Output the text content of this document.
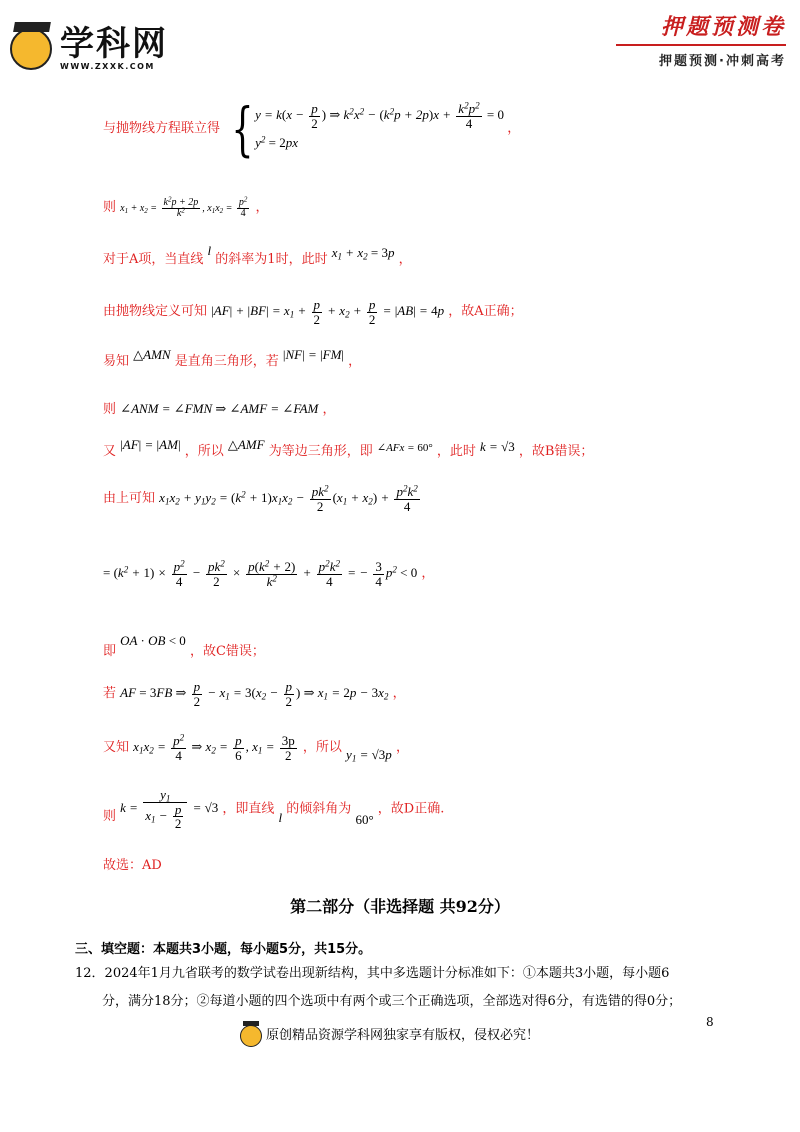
学科网
WWW.ZXXK.COM
押题预测卷
押题预测·冲刺高考
与抛物线方程联立得 { $y = k(x - \frac{p}{2}$ ) ⇒ $k^2x^2 - (k^2p + 2p)x + \frac{k^2p^2}{4} = 0$
$y^2 = 2px$
，
则 $x_1 + x_2 = \frac{k^2p + 2p}{k^2}$ , $x_1x_2 = \frac{p^2}{4}$ ，
对于A项，当直线 l 的斜率为1时，此时 $x_1 + x_2 = 3p$ ，
由抛物线定义可知 $|AF| + |BF| = x_1 + \frac{p}{2} + x_2 + \frac{p}{2} = |AB| = 4p$ ，故A正确；
易知 △AMN 是直角三角形，若 |NF| = |FM| ，
则 ∠ANM = ∠FMN ⇒ ∠AMF = ∠FAM ，
又 |AF| = |AM| ，所以 △AMF 为等边三角形，即 $^{\angle AFx = 60^\circ}$ ，此时 k = √3 ，故B错误；
由上可知 $x_1x_2 + y_1y_2 = (k^2 + 1)x_1x_2 - \frac{pk^2}{2} (x_1 + x_2) + \frac{p^2k^2}{4}$
= $(k^2 + 1) \times \frac{p^2}{4} - \frac{pk^2}{2} \times \frac{p(k^2 + 2)}{k^2} + \frac{p^2k^2}{4}$ = − $\frac{3}{4} p^2 < 0$ ，
即 OA · OB < 0 ，故C错误；
若 AF = 3FB ⇒ $\frac{p}{2} - x_1 = 3(x_2 - \frac{p}{2}$ ) ⇒ $x_1 = 2p - 3x_2$ ，
又知 $x_1x_2 = \frac{p^2}{4}$ ⇒ $x_2 = \frac{p}{6}$ , $x_1 = \frac{3p}{2}$ ，所以 $y_1 = √3p$ ，
则 $k = \frac{y_1}{x_1 - \frac{p}{2}} = √3$ ，即直线 l 的倾斜角为 60° ，故D正确.
故选：AD
第二部分（非选择题 共92分）
三、填空题：本题共3小题，每小题5分，共15分。
12．2024年1月九省联考的数学试卷出现新结构，其中多选题计分标准如下：①本题共3小题，每小题6
分，满分18分；②每道小题的四个选项中有两个或三个正确选项，全部选对得6分，有选错的得0分；
8
原创精品资源学科网独家享有版权，侵权必究！
